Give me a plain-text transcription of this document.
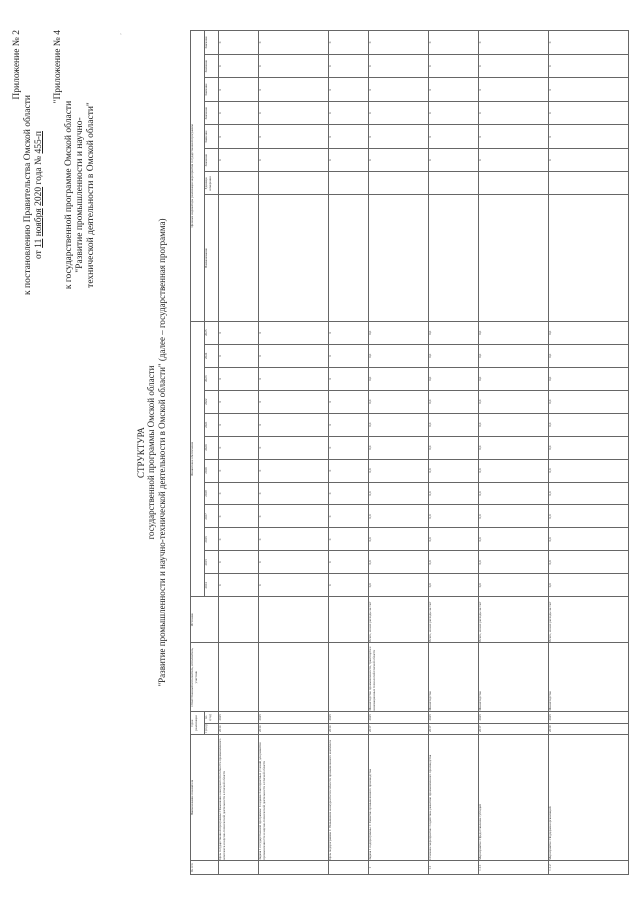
Приложение № 2
к постановлению Правительства Омской области от 11 ноября 2020 года № 455-п
"Приложение № 4
к государственной программе Омской области "Развитие промышленности и научно- технической деятельности в Омской области"
СТРУКТУРА государственной программы Омской области "Развитие промышленности и научно-технической деятельности в Омской области" (далее – государственная программа)
№ п/п	Наименование показателя	Срок реализации		Ответственный исполнитель, исполнитель, участник	Источник	Финансовое обеспечение												Целевые индикаторы реализации мероприятия государственной программы							
		с (год)	по (год)			2014	2015	2016	2017	2018	2019	2020	2021	2022	2023	2024	2025	Наименование	Единица измерения	Значение	Значение	Значение	Значение	Значение	Значение
	Цель государственной программы: Повышение конкурентоспособности промышленного комплекса и научно-технической деятельности в Омской области	2014	2025			0	0	0	0	0	0	0	0	0	0	0	0			0	0	0	0	0	0
	Задача 1 государственной программы: Создание благоприятных условий для развития промышленности и научно-технической деятельности в Омской области	2014	2025			0	0	0	0	0	0	0	0	0	0	0	0			0	0	0	0	0	0
	Цель подпрограммы 1: Повышение конкурентоспособности промышленного комплекса	2014	2025			0	0	0	0	0	0	0	0	0	0	0	0			0	0	0	0	0	0
1	Задача 1 подпрограммы 1: Развитие промышленного производства	2017	2025	Министерство промышленности, транспорта и инновационных технологий Омской области	Всего, из них расходы за счет	0,0	0,0	0,0	0,0	0,0	0,0	0,0	0,0	0,0	0,0	0,0	0,0			0	0	0	0	0	0
1.1	Основное мероприятие: Содействие развитию промышленного производства	2017	2025	Министерство	Всего, из них расходы за счет	0,0	0,0	0,0	0,0	0,0	0,0	0,0	0,0	0,0	0,0	0,0	0,0			0	0	0	0	0	0
1.1.1	Мероприятие: Предоставление субсидий	2017	2025	Министерство	Всего, из них расходы за счет	0,0	0,0	0,0	0,0	0,0	0,0	0,0	0,0	0,0	0,0	0,0	0,0			0	0	0	0	0	0
1.1.2	Мероприятие: Поддержка организаций	2019	2025	Министерство	Всего, из них расходы за счет	0,0	0,0	0,0	0,0	0,0	0,0	0,0	0,0	0,0	0,0	0,0	0,0			0	0	0	0	0	0
’
